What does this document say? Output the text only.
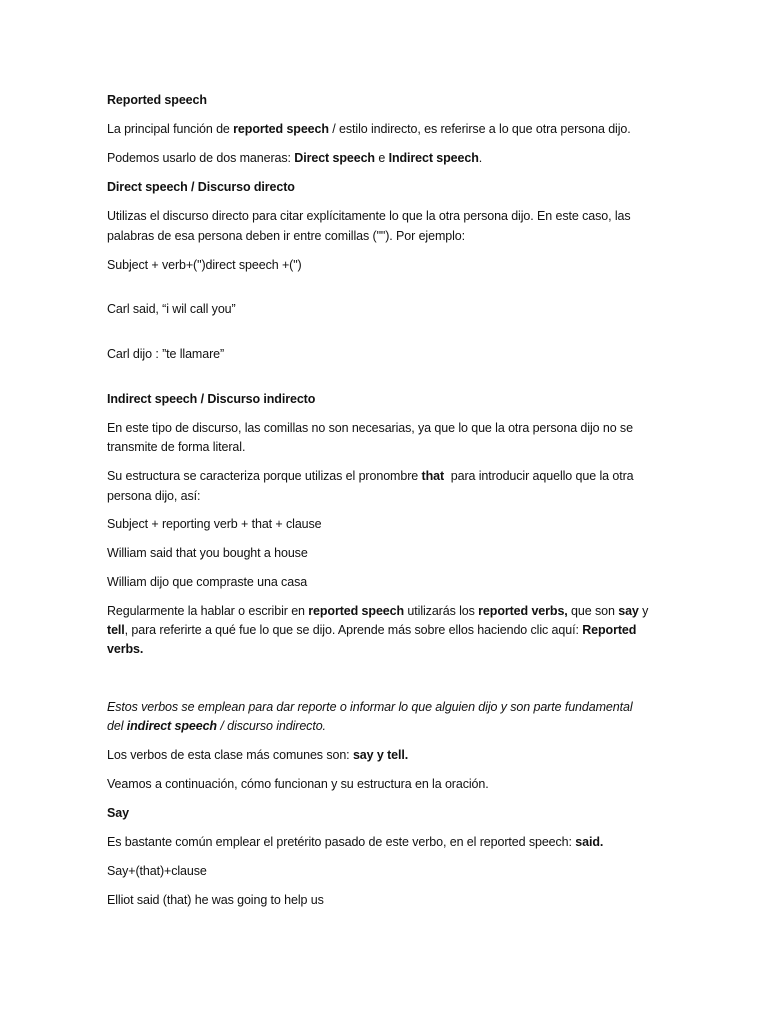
Reported speech

La principal función de reported speech / estilo indirecto, es referirse a lo que otra persona dijo.

Podemos usarlo de dos maneras: Direct speech e Indirect speech.

Direct speech / Discurso directo

Utilizas el discurso directo para citar explícitamente lo que la otra persona dijo. En este caso, las

palabras de esa persona deben ir entre comillas (""). Por ejemplo:

Subject + verb+(")direct speech +(")

Carl said, “i wil call you”

Carl dijo : ”te llamare”

Indirect speech / Discurso indirecto

En este tipo de discurso, las comillas no son necesarias, ya que lo que la otra persona dijo no se

transmite de forma literal.

Su estructura se caracteriza porque utilizas el pronombre that  para introducir aquello que la otra

persona dijo, así:

Subject + reporting verb + that + clause

William said that you bought a house

William dijo que compraste una casa

Regularmente la hablar o escribir en reported speech utilizarás los reported verbs, que son say y

tell, para referirte a qué fue lo que se dijo. Aprende más sobre ellos haciendo clic aquí: Reported

verbs.

Estos verbos se emplean para dar reporte o informar lo que alguien dijo y son parte fundamental

del indirect speech / discurso indirecto.

Los verbos de esta clase más comunes son: say y tell.

Veamos a continuación, cómo funcionan y su estructura en la oración.

Say

Es bastante común emplear el pretérito pasado de este verbo, en el reported speech: said.

Say+(that)+clause

Elliot said (that) he was going to help us
